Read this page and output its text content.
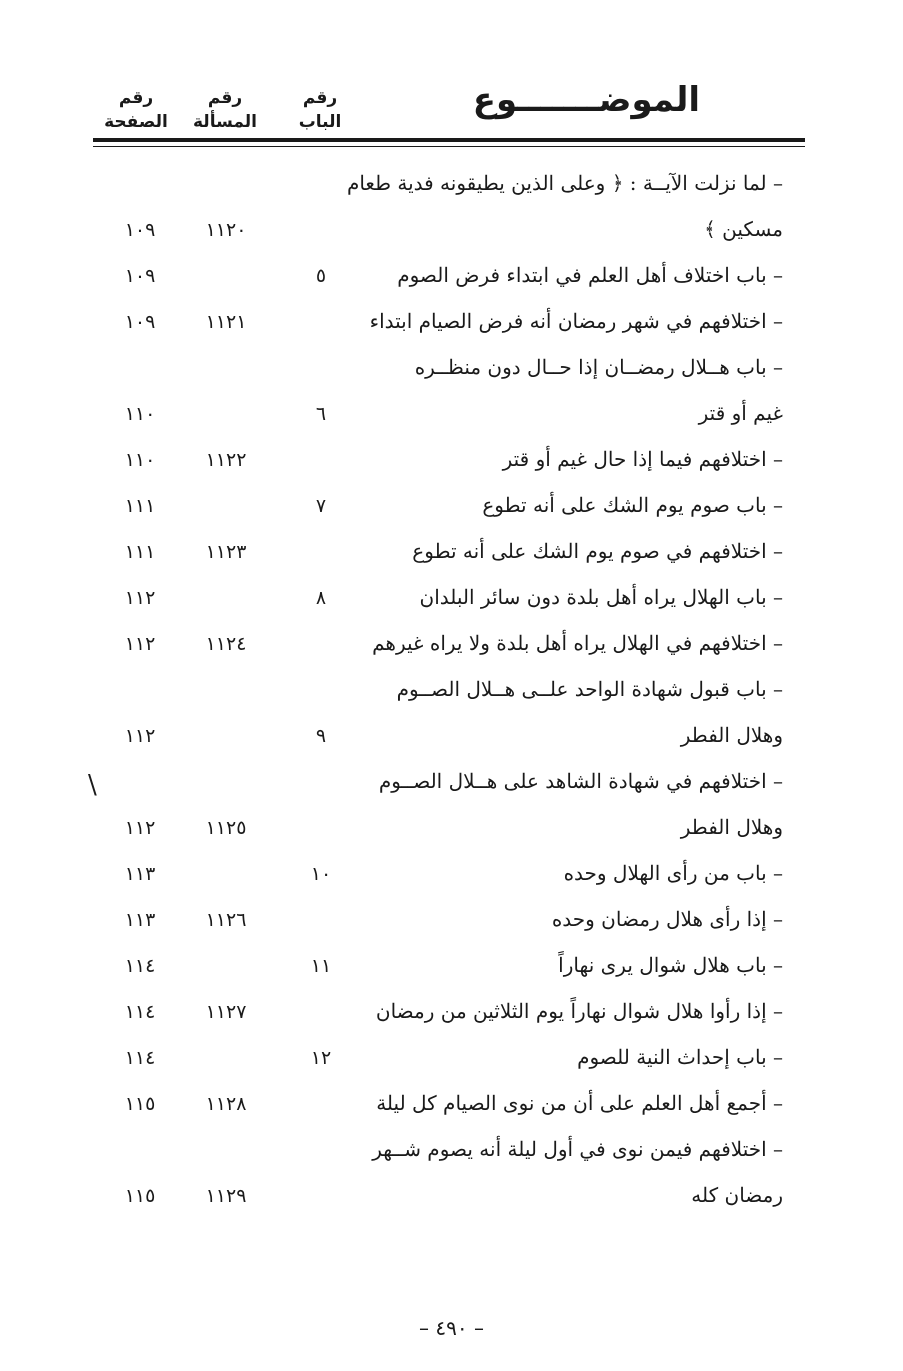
الموضـــــــوع
رقم
الباب
رقم
المسألة
رقم
الصفحة
– لما نزلت الآيــة : ﴿ وعلى الذين يطيقونه فدية طعام
مسكين ﴾
١١٢٠
١٠٩
– باب اختلاف أهل العلم في ابتداء فرض الصوم
٥
١٠٩
– اختلافهم في شهر رمضان أنه فرض الصيام ابتداء
١١٢١
١٠٩
– باب هــلال رمضــان إذا حــال دون منظــره
غيم أو قتر
٦
١١٠
– اختلافهم فيما إذا حال غيم أو قتر
١١٢٢
١١٠
– باب صوم يوم الشك على أنه تطوع
٧
١١١
– اختلافهم في صوم يوم الشك على أنه تطوع
١١٢٣
١١١
– باب الهلال يراه أهل بلدة دون سائر البلدان
٨
١١٢
– اختلافهم في الهلال يراه أهل بلدة ولا يراه غيرهم
١١٢٤
١١٢
– باب قبول شهادة الواحد علــى هــلال الصــوم
وهلال الفطر
٩
١١٢
– اختلافهم في شهادة الشاهد على هــلال الصــوم
وهلال الفطر
١١٢٥
١١٢
– باب من رأى الهلال وحده
١٠
١١٣
– إذا رأى هلال رمضان وحده
١١٢٦
١١٣
– باب هلال شوال يرى نهاراً
١١
١١٤
– إذا رأوا هلال شوال نهاراً يوم الثلاثين من رمضان
١١٢٧
١١٤
– باب إحداث النية للصوم
١٢
١١٤
– أجمع أهل العلم على أن من نوى الصيام كل ليلة
١١٢٨
١١٥
– اختلافهم فيمن نوى في أول ليلة أنه يصوم شــهر
رمضان كله
١١٢٩
١١٥
\
– ٤٩٠ –
